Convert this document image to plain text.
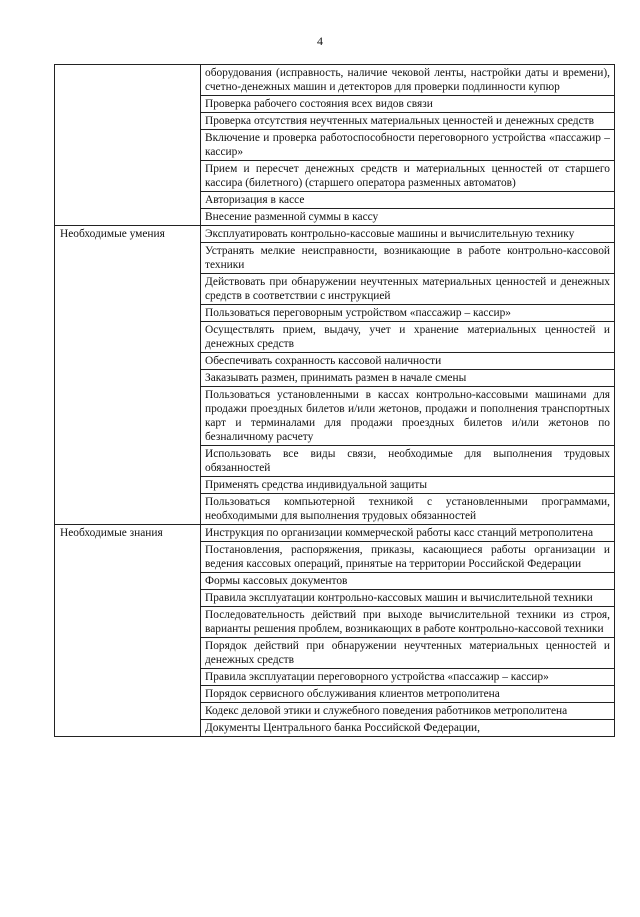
4
	оборудования (исправность, наличие чековой ленты, настройки даты и времени), счетно-денежных машин и детекторов для проверки подлинности купюр
	Проверка рабочего состояния всех видов связи
	Проверка отсутствия неучтенных материальных ценностей и денежных средств
	Включение и проверка работоспособности переговорного устройства «пассажир – кассир»
	Прием и пересчет денежных средств и материальных ценностей от старшего кассира (билетного) (старшего оператора разменных автоматов)
	Авторизация в кассе
	Внесение разменной суммы в кассу
Необходимые умения	Эксплуатировать контрольно-кассовые машины и вычислительную технику
	Устранять мелкие неисправности, возникающие в работе контрольно-кассовой техники
	Действовать при обнаружении неучтенных материальных ценностей и денежных средств в соответствии с инструкцией
	Пользоваться переговорным устройством «пассажир – кассир»
	Осуществлять прием, выдачу, учет и хранение материальных ценностей и денежных средств
	Обеспечивать сохранность кассовой наличности
	Заказывать размен, принимать размен в начале смены
	Пользоваться установленными в кассах контрольно-кассовыми машинами для продажи проездных билетов и/или жетонов, продажи и пополнения транспортных карт и терминалами для продажи проездных билетов и/или жетонов по безналичному расчету
	Использовать все виды связи, необходимые для выполнения трудовых обязанностей
	Применять средства индивидуальной защиты
	Пользоваться компьютерной техникой с установленными программами, необходимыми для выполнения трудовых обязанностей
Необходимые знания	Инструкция по организации коммерческой работы касс станций метрополитена
	Постановления, распоряжения, приказы, касающиеся работы организации и ведения кассовых операций, принятые на территории Российской Федерации
	Формы кассовых документов
	Правила эксплуатации контрольно-кассовых машин и вычислительной техники
	Последовательность действий при выходе вычислительной техники из строя, варианты решения проблем, возникающих в работе контрольно-кассовой техники
	Порядок действий при обнаружении неучтенных материальных ценностей и денежных средств
	Правила эксплуатации переговорного устройства «пассажир – кассир»
	Порядок сервисного обслуживания клиентов метрополитена
	Кодекс деловой этики и служебного поведения работников метрополитена
	Документы Центрального банка Российской Федерации,
